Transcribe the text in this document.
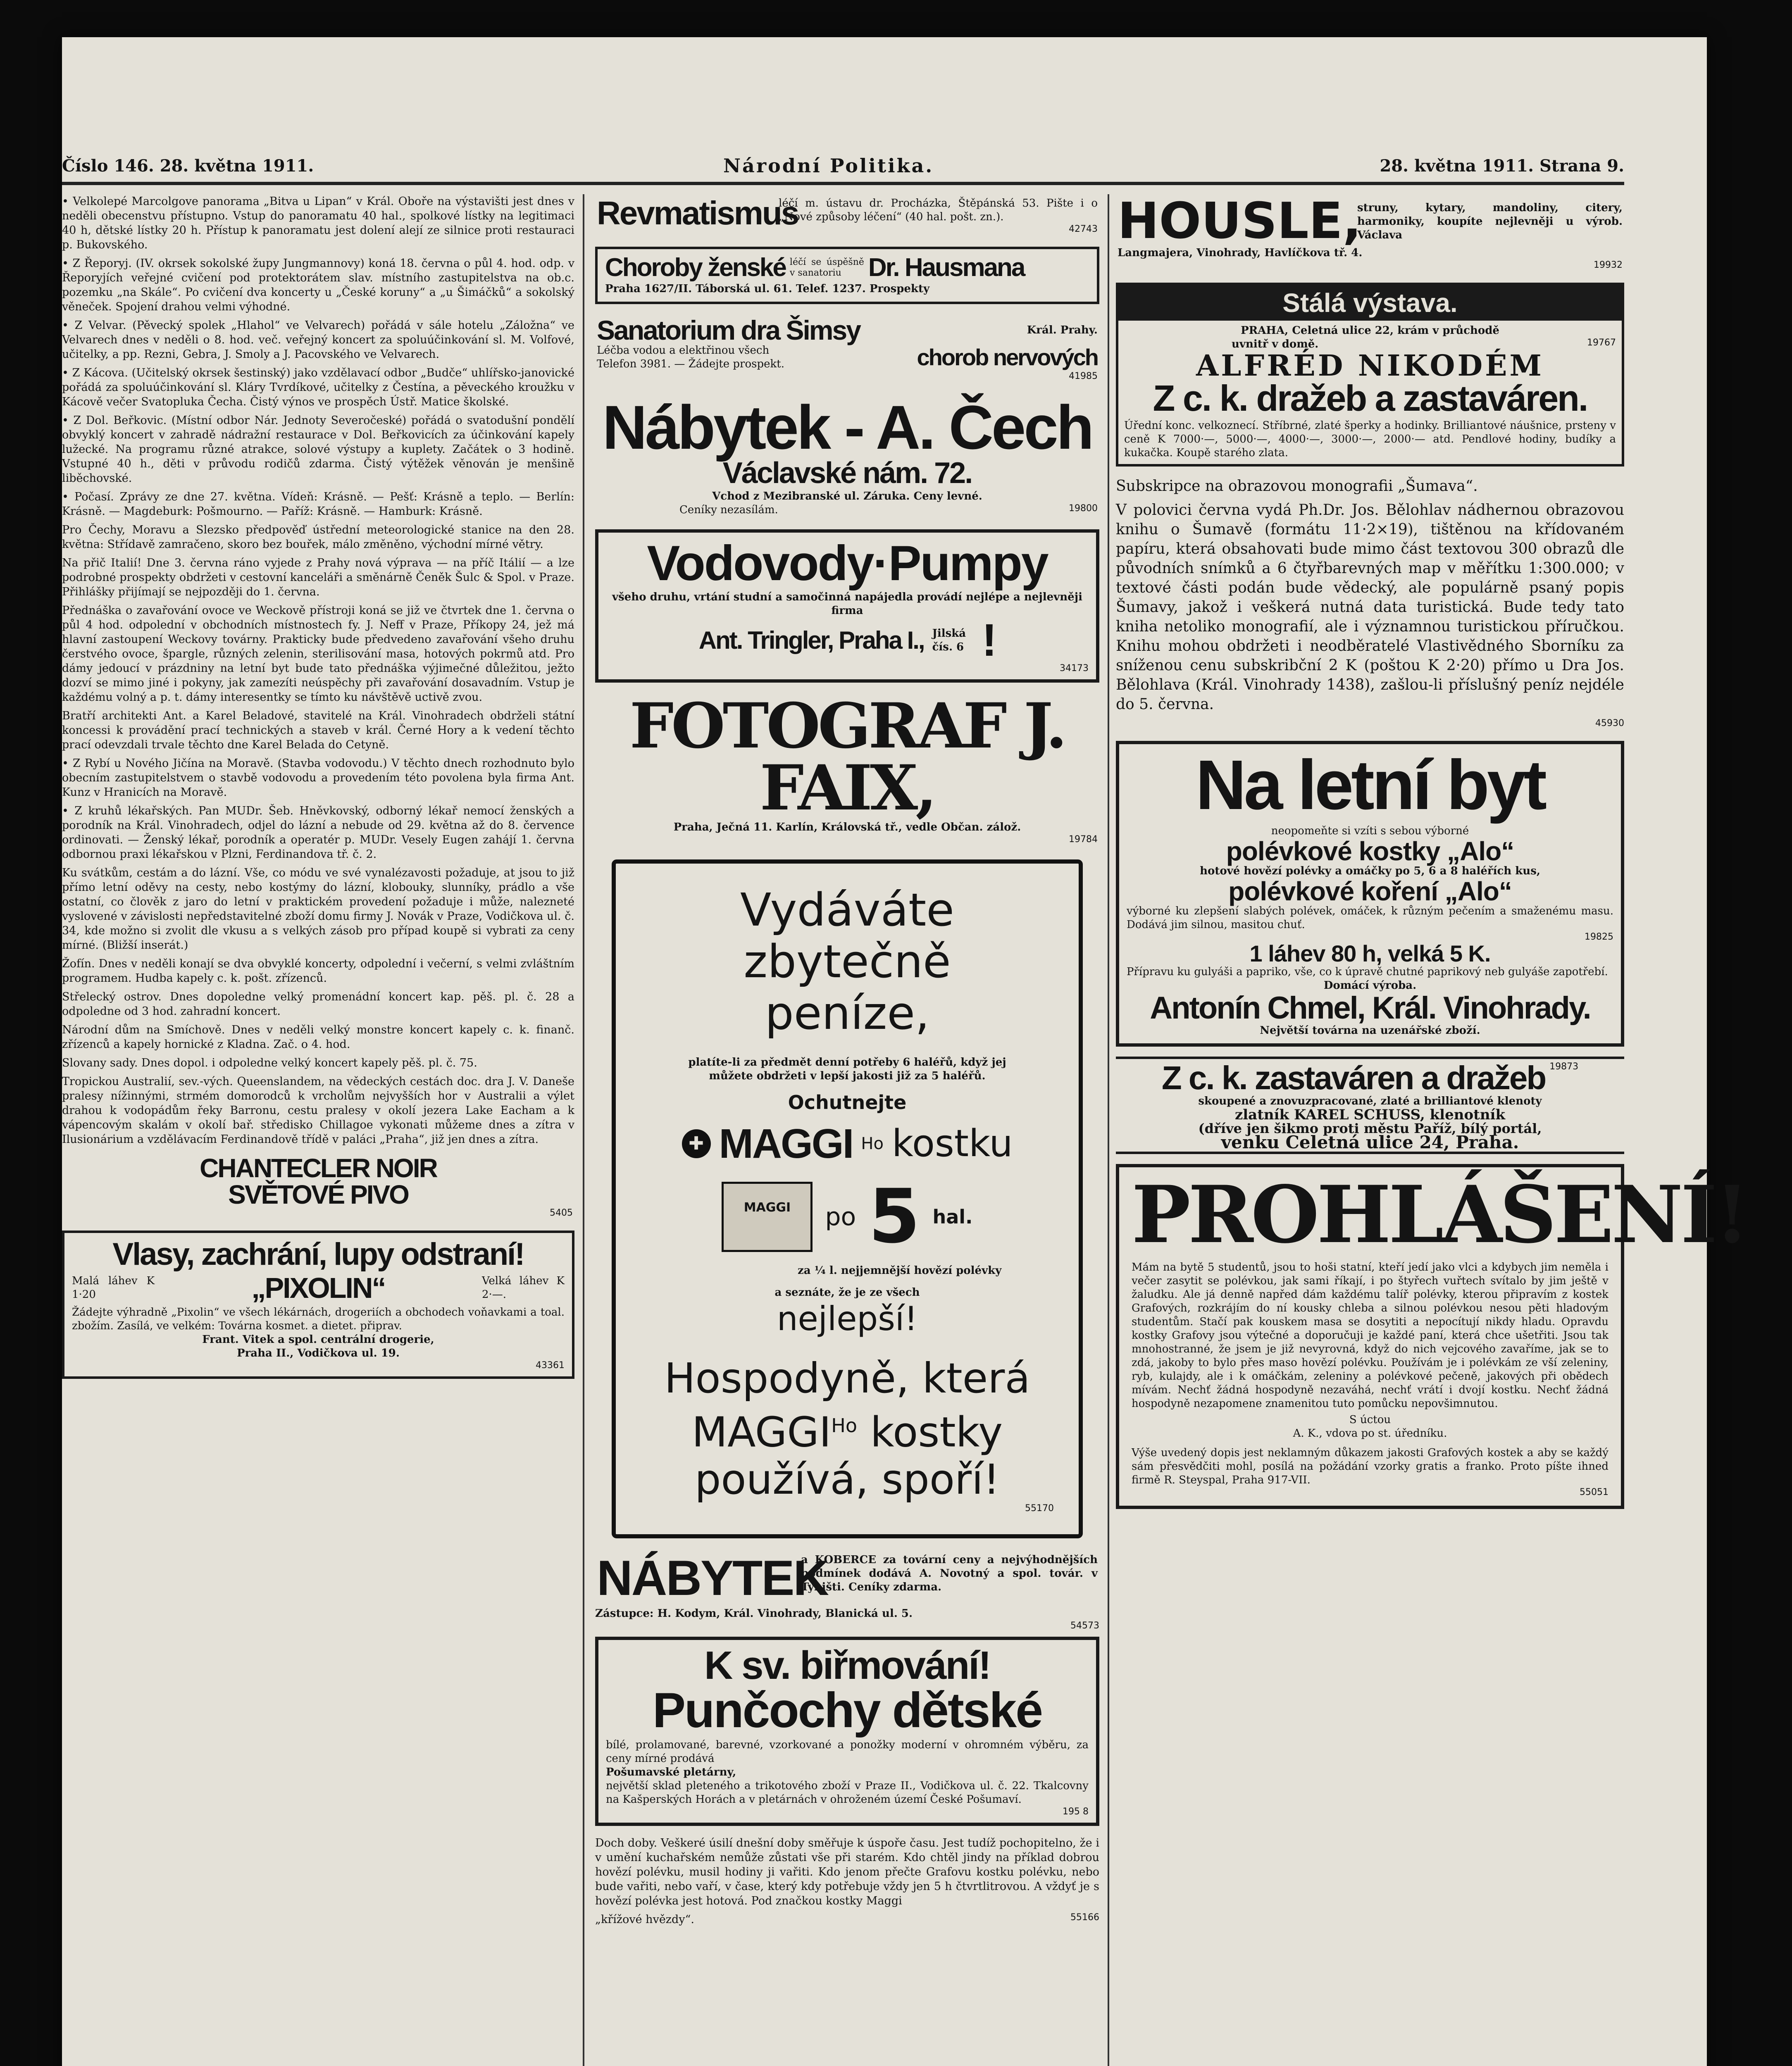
Číslo 146. 28. května 1911.	Národní Politika.	28. května 1911. Strana 9.

• Velkolepé Marcolgove panorama „Bitva u Lipan“ v Král. Oboře na výstavišti jest dnes v neděli obecenstvu přístupno. Vstup do panoramatu 40 hal., spolkové lístky na legitimaci 40 h, dětské lístky 20 h. Přístup k panoramatu jest dolení alejí ze silnice proti restauraci p. Bukovského.

• Z Řeporyj. (IV. okrsek sokolské župy Jungmannovy) koná 18. června o půl 4. hod. odp. v Řeporyjích veřejné cvičení pod protektorátem slav. místního zastupitelstva na ob.c. pozemku „na Skále“. Po cvičení dva koncerty u „České koruny“ a „u Šimáčků“ a sokolský věneček. Spojení drahou velmi výhodné.

• Z Velvar. (Pěvecký spolek „Hlahol“ ve Velvarech) pořádá v sále hotelu „Záložna“ ve Velvarech dnes v neděli o 8. hod. več. veřejný koncert za spoluúčinkování sl. M. Volfové, učitelky, a pp. Rezni, Gebra, J. Smoly a J. Pacovského ve Velvarech.

• Z Kácova. (Učitelský okrsek šestinský) jako vzdělavací odbor „Budče“ uhlířsko-janovické pořádá za spoluúčinkování sl. Kláry Tvrdíkové, učitelky z Čestína, a pěveckého kroužku v Kácově večer Svatopluka Čecha. Čistý výnos ve prospěch Ústř. Matice školské.

• Z Dol. Beřkovic. (Místní odbor Nár. Jednoty Severočeské) pořádá o svatodušní pondělí obvyklý koncert v zahradě nádražní restaurace v Dol. Beřkovicích za účinkování kapely lužecké. Na programu různé atrakce, solové výstupy a kuplety. Začátek o 3 hodině. Vstupné 40 h., děti v průvodu rodičů zdarma. Čistý výtěžek věnován je menšině liběchovské.

• Počasí. Zprávy ze dne 27. května. Vídeň: Krásně. — Pešť: Krásně a teplo. — Berlín: Krásně. — Magdeburk: Pošmourno. — Paříž: Krásně. — Hamburk: Krásně.

Pro Čechy, Moravu a Slezsko předpověď ústřední meteorologické stanice na den 28. května: Střídavě zamračeno, skoro bez bouřek, málo změněno, východní mírné větry.

Na přič Italií! Dne 3. června ráno vyjede z Prahy nová výprava — na příč Itálií — a lze podrobné prospekty obdržeti v cestovní kanceláři a směnárně Čeněk Šulc & Spol. v Praze. Přihlášky přijímají se nejpozději do 1. června.

Přednáška o zavařování ovoce ve Weckově přístroji koná se již ve čtvrtek dne 1. června o půl 4 hod. odpolední v obchodních místnostech fy. J. Neff v Praze, Příkopy 24, jež má hlavní zastoupení Weckovy továrny. Prakticky bude předvedeno zavařování všeho druhu čerstvého ovoce, špargle, různých zelenin, sterilisování masa, hotových pokrmů atd. Pro dámy jedoucí v prázdniny na letní byt bude tato přednáška výjimečné důležitou, ježto dozví se mimo jiné i pokyny, jak zamezíti neúspěchy při zavařování dosavadním. Vstup je každému volný a p. t. dámy interesentky se tímto ku návštěvě uctivě zvou.

Bratří architekti Ant. a Karel Beladové, stavitelé na Král. Vinohradech obdrželi státní koncessi k provádění prací technických a staveb v král. Černé Hory a k vedení těchto prací odevzdali trvale těchto dne Karel Belada do Cetyně.

• Z Rybí u Nového Jičína na Moravě. (Stavba vodovodu.) V těchto dnech rozhodnuto bylo obecním zastupitelstvem o stavbě vodovodu a provedením této povolena byla firma Ant. Kunz v Hranicích na Moravě.

• Z kruhů lékařských. Pan MUDr. Šeb. Hněvkovský, odborný lékař nemocí ženských a porodník na Král. Vinohradech, odjel do lázní a nebude od 29. května až do 8. července ordinovati. — Ženský lékař, porodník a operatér p. MUDr. Vesely Eugen zahájí 1. června odbornou praxi lékařskou v Plzni, Ferdinandova tř. č. 2.

Ku svátkům, cestám a do lázní. Vše, co módu ve své vynalézavosti požaduje, at jsou to již přímo letní oděvy na cesty, nebo kostýmy do lázní, klobouky, slunníky, prádlo a vše ostatní, co člověk z jaro do letní v praktickém provedení požaduje i může, nalezneté vyslovené v závislosti nepředstavitelné zboží domu firmy J. Novák v Praze, Vodičkova ul. č. 34, kde možno si zvolit dle vkusu a s velkých zásob pro případ koupě si vybrati za ceny mírné. (Bližší inserát.)

Žofín. Dnes v neděli konají se dva obvyklé koncerty, odpolední i večerní, s velmi zvláštním programem. Hudba kapely c. k. pošt. zřízenců.

Střelecký ostrov. Dnes dopoledne velký promenádní koncert kap. pěš. pl. č. 28 a odpoledne od 3 hod. zahradní koncert.

Národní dům na Smíchově. Dnes v neděli velký monstre koncert kapely c. k. finanč. zřízenců a kapely hornické z Kladna. Zač. o 4. hod.

Slovany sady. Dnes dopol. i odpoledne velký koncert kapely pěš. pl. č. 75.

Tropickou Australií, sev.-vých. Queenslandem, na vědeckých cestách doc. dra J. V. Daneše pralesy nížinnými, strmém domorodců k vrcholům nejvyšších hor v Australii a výlet drahou k vodopádům řeky Barronu, cestu pralesy v okolí jezera Lake Eacham a k vápencovým skalám v okolí bař. středisko Chillagoe vykonati můžeme dnes a zítra v Ilusionárium a vzdělávacím Ferdinandově třídě v paláci „Praha“, již jen dnes a zítra.

CHANTECLER NOIR
SVĚTOVÉ PIVO
5405
Vlasy, zachrání, lupy odstraní!
Malá láhev K 1·20	„PIXOLIN“	Velká láhev K 2·—.

Žádejte výhradně „Pixolin“ ve všech lékárnách, drogeriích a obchodech voňavkami a toal. zbožím. Zasílá, ve velkém: Továrna kosmet. a dietet. připrav.

Frant. Vitek a spol. centrální drogerie,

Praha II., Vodičkova ul. 19.

43361
Revmatismus

léčí m. ústavu dr. Procházka, Štěpánská 53. Pište i o „Nové způsoby léčení“ (40 hal. pošt. zn.).

42743
Choroby ženské léčí se úspěšně v sanatoriu	Dr. Hausmana

Praha 1627/II. Táborská ul. 61. Telef. 1237. Prospekty

Sanatorium dra Šimsy	Král. Prahy.

Léčba vodou a elektřinou všech

Telefon 3981. — Žádejte prospekt.	chorob nervových
41985
Nábytek - A. Čech
Václavské nám. 72.

Vchod z Mezibranské ul. Záruka. Ceny levné.

Ceníky nezasílám.	19800
Vodovody·Pumpy

všeho druhu, vrtání studní a samočinná napájedla provádí nejlépe a nejlevněji firma

Ant. Tringler, Praha I., Jilská čís. 6 !
34173
FOTOGRAF J. FAIX,

Praha, Ječná 11. Karlín, Královská tř., vedle Občan. zálož.

19784
Vydáváte
zbytečně
peníze,

platíte-li za předmět denní potřeby 6 haléřů, když jej můžete obdržeti v lepší jakosti již za 5 haléřů.

Ochutnejte
✚ MAGGI Ho kostku
MAGGI	po 5 hal.

za ¼ l. nejjemnější hovězí polévky

a seznáte, že je ze všech

nejlepší!
Hospodyně, která
$MAGGI^{Ho}$ kostky
používá, spoří!
55170
NÁBYTEK

a KOBERCE za tovární ceny a nejvýhodnějších podmínek dodává A. Novotný a spol. továr. v Tyništi. Ceníky zdarma.

Zástupce: H. Kodym, Král. Vinohrady, Blanická ul. 5.

54573
K sv. biřmování!
Punčochy dětské

bílé, prolamované, barevné, vzorkované a ponožky moderní v ohromném výběru, za ceny mírné prodává

Pošumavské pletárny,

největší sklad pleteného a trikotového zboží v Praze II., Vodičkova ul. č. 22. Tkalcovny na Kašperských Horách a v pletárnách v ohroženém území České Pošumaví.

195 8

Doch doby. Veškeré úsilí dnešní doby směřuje k úspoře času. Jest tudíž pochopitelno, že i v umění kuchařském nemůže zůstati vše při starém. Kdo chtěl jindy na příklad dobrou hovězí polévku, musil hodiny ji vařiti. Kdo jenom přečte Grafovu kostku polévku, nebo bude vařiti, nebo vaří, v čase, který kdy potřebuje vždy jen 5 h čtvrtlitrovou. A vždyť je s hovězí polévka jest hotová. Pod značkou kostky Maggi

„křížové hvězdy“.	55166
HOUSLE,

struny, kytary, mandoliny, citery, harmoniky, koupíte nejlevněji u výrob. Václava

Langmajera, Vinohrady, Havlíčkova tř. 4.

19932
Stálá výstava.

PRAHA, Celetná ulice 22, krám v průchodě

uvnitř v domě.	19767
ALFRÉD NIKODÉM
Z c. k. dražeb a zastaváren.

Úřední konc. velkoznecí. Stříbrné, zlaté šperky a hodinky. Brilliantové náušnice, prsteny v ceně K 7000·—, 5000·—, 4000·—, 3000·—, 2000·— atd. Pendlové hodiny, budíky a kukačka. Koupě starého zlata.

Subskripce na obrazovou monografii „Šumava“.

V polovici června vydá Ph.Dr. Jos. Bělohlav nádhernou obrazovou knihu o Šumavě (formátu 11·2×19), tištěnou na křídovaném papíru, která obsahovati bude mimo část textovou 300 obrazů dle původních snímků a 6 čtyřbarevných map v měřítku 1:300.000; v textové části podán bude vědecký, ale populárně psaný popis Šumavy, jakož i veškerá nutná data turistická. Bude tedy tato kniha netoliko monografií, ale i významnou turistickou příručkou. Knihu mohou obdržeti i neodběratelé Vlastivědného Sborníku za sníženou cenu subskribční 2 K (poštou K 2·20) přímo u Dra Jos. Bělohlava (Král. Vinohrady 1438), zašlou-li příslušný peníz nejdéle do 5. června.

45930
Na letní byt

neopomeňte si vzíti s sebou výborné

polévkové kostky „Alo“

hotové hovězí polévky a omáčky po 5, 6 a 8 haléřích kus,

polévkové koření „Alo“

výborné ku zlepšení slabých polévek, omáček, k různým pečením a smaženému masu. Dodává jim silnou, masitou chuť.

19825
1 láhev 80 h, velká 5 K.

Přípravu ku gulyáši a papriko, vše, co k úpravě chutné paprikový neb gulyáše zapotřebí.

Domácí výroba.

Antonín Chmel, Král. Vinohrady.

Největší továrna na uzenářské zboží.

Z c. k. zastaváren a dražeb 19873

skoupené a znovuzpracované, zlaté a brilliantové klenoty

zlatník KAREL SCHUSS, klenotník

(dříve jen šikmo proti městu Paříž, bílý portál,

venku Celetná ulice 24, Praha.

PROHLÁŠENÍ!

Mám na bytě 5 studentů, jsou to hoši statní, kteří jedí jako vlci a kdybych jim neměla i večer zasytit se polévkou, jak sami říkají, i po štyřech vuřtech svítalo by jim ještě v žaludku. Ale já denně napřed dám každému talíř polévky, kterou připravím z kostek Grafových, rozkrájím do ní kousky chleba a silnou polévkou nesou pěti hladovým studentům. Stačí pak kouskem masa se dosytiti a nepocítují nikdy hladu. Opravdu kostky Grafovy jsou výtečné a doporučuji je každé paní, která chce ušetřiti. Jsou tak mnohostranné, že jsem je již nevyrovná, když do nich vejcového zavaříme, jak se to zdá, jakoby to bylo přes maso hovězí polévku. Používám je i polévkám ze vší zeleniny, ryb, kulajdy, ale i k omáčkám, zeleniny a polévkové pečeně, jakových při obědech mívám. Nechť žádná hospodyně nezaváhá, nechť vrátí i dvojí kostku. Nechť žádná hospodyně nezapomene znamenitou tuto pomůcku nepovšimnutou.

S úctou

A. K., vdova po st. úředníku.

Výše uvedený dopis jest neklamným důkazem jakosti Grafových kostek a aby se každý sám přesvědčiti mohl, posílá na požádání vzorky gratis a franko. Proto píšte ihned firmě R. Steyspal, Praha 917-VII.

55051
